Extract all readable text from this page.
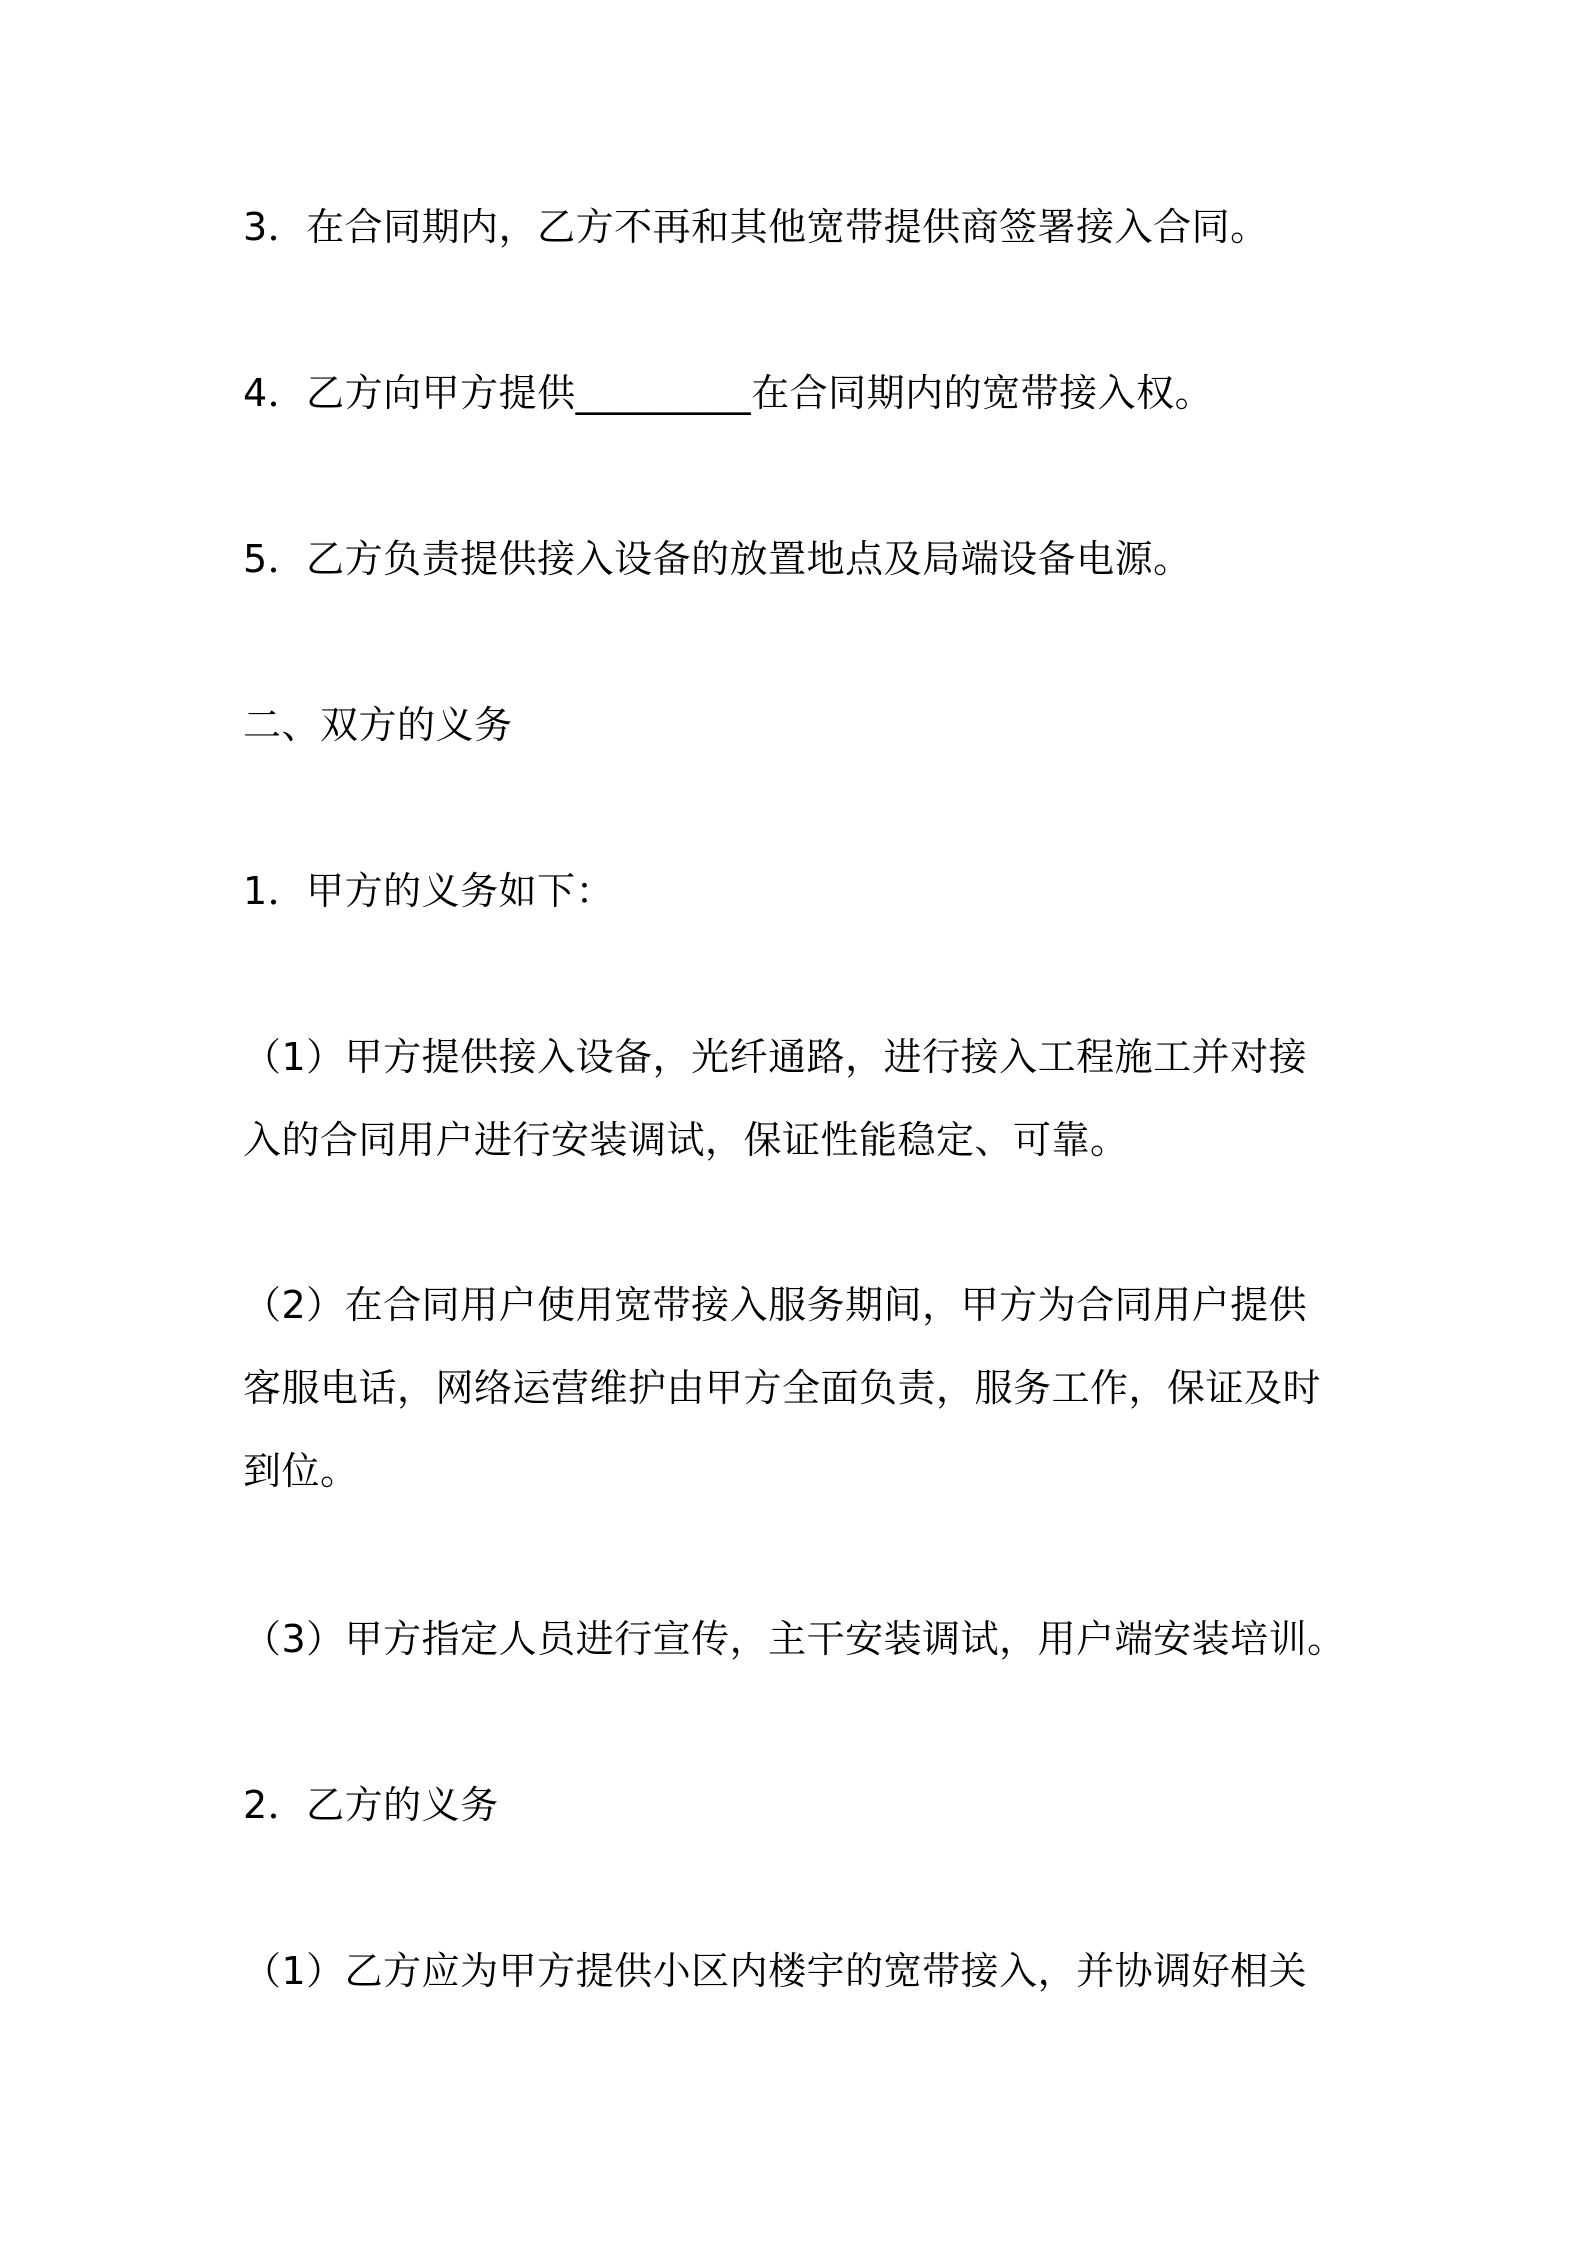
3．在合同期内，乙方不再和其他宽带提供商签署接入合同。
4．乙方向甲方提供_________在合同期内的宽带接入权。
5．乙方负责提供接入设备的放置地点及局端设备电源。
二、双方的义务
1．甲方的义务如下：
（1）甲方提供接入设备，光纤通路，进行接入工程施工并对接
入的合同用户进行安装调试，保证性能稳定、可靠。
（2）在合同用户使用宽带接入服务期间，甲方为合同用户提供
客服电话，网络运营维护由甲方全面负责，服务工作，保证及时
到位。
（3）甲方指定人员进行宣传，主干安装调试，用户端安装培训。
2．乙方的义务
（1）乙方应为甲方提供小区内楼宇的宽带接入，并协调好相关
